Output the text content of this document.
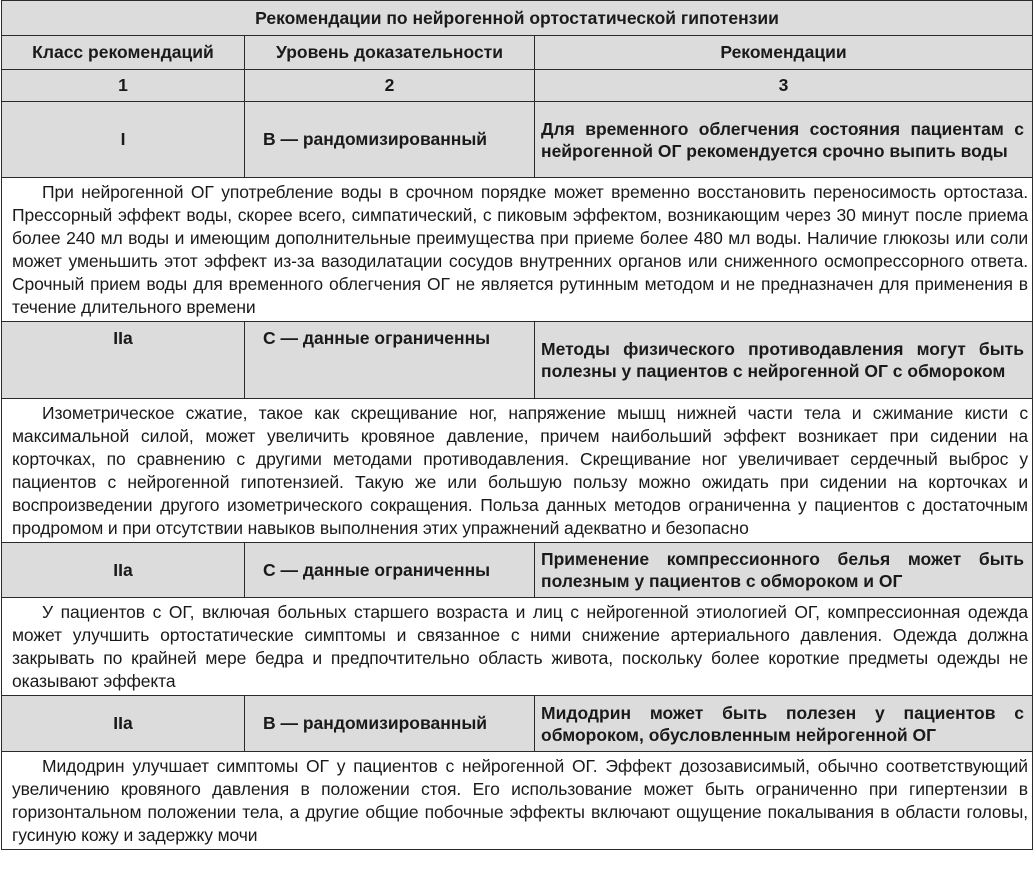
Рекомендации по нейрогенной ортостатической гипотензии		
Класс рекомендаций	Уровень доказательности	Рекомендации
1	2	3
I	B — рандомизированный	Для временного облегчения состояния пациентам с нейрогенной ОГ рекомендуется срочно выпить воды
При нейрогенной ОГ употребление воды в срочном порядке может временно восстановить переносимость ортостаза. Прессорный эффект воды, скорее всего, симпатический, с пиковым эффектом, возникающим через 30 минут после приема более 240 мл воды и имеющим дополнительные преимущества при приеме более 480 мл воды. Наличие глюкозы или соли может уменьшить этот эффект из-за вазодилатации сосудов внутренних органов или сниженного осмопрессорного ответа. Срочный прием воды для временного облегчения ОГ не является рутинным методом и не предназначен для применения в течение длительного времени		
IIa	C — данные ограниченны	Методы физического противодавления могут быть полезны у пациентов с нейрогенной ОГ с обмороком
Изометрическое сжатие, такое как скрещивание ног, напряжение мышц нижней части тела и сжимание кисти с максимальной силой, может увеличить кровяное давление, причем наибольший эффект возникает при сидении на корточках, по сравнению с другими методами противодавления. Скрещивание ног увеличивает сердечный выброс у пациентов с нейрогенной гипотензией. Такую же или большую пользу можно ожидать при сидении на корточках и воспроизведении другого изометрического сокращения. Польза данных методов ограниченна у пациентов с достаточным продромом и при отсутствии навыков выполнения этих упражнений адекватно и безопасно		
IIa	C — данные ограниченны	Применение компрессионного белья может быть полезным у пациентов с обмороком и ОГ
У пациентов с ОГ, включая больных старшего возраста и лиц с нейрогенной этиологией ОГ, компрессионная одежда может улучшить ортостатические симптомы и связанное с ними снижение артериального давления. Одежда должна закрывать по крайней мере бедра и предпочтительно область живота, поскольку более короткие предметы одежды не оказывают эффекта		
IIa	B — рандомизированный	Мидодрин может быть полезен у пациентов с обмороком, обусловленным нейрогенной ОГ
Мидодрин улучшает симптомы ОГ у пациентов с нейрогенной ОГ. Эффект дозозависимый, обычно соответствующий увеличению кровяного давления в положении стоя. Его использование может быть ограниченно при гипертензии в горизонтальном положении тела, а другие общие побочные эффекты включают ощущение покалывания в области головы, гусиную кожу и задержку мочи		
